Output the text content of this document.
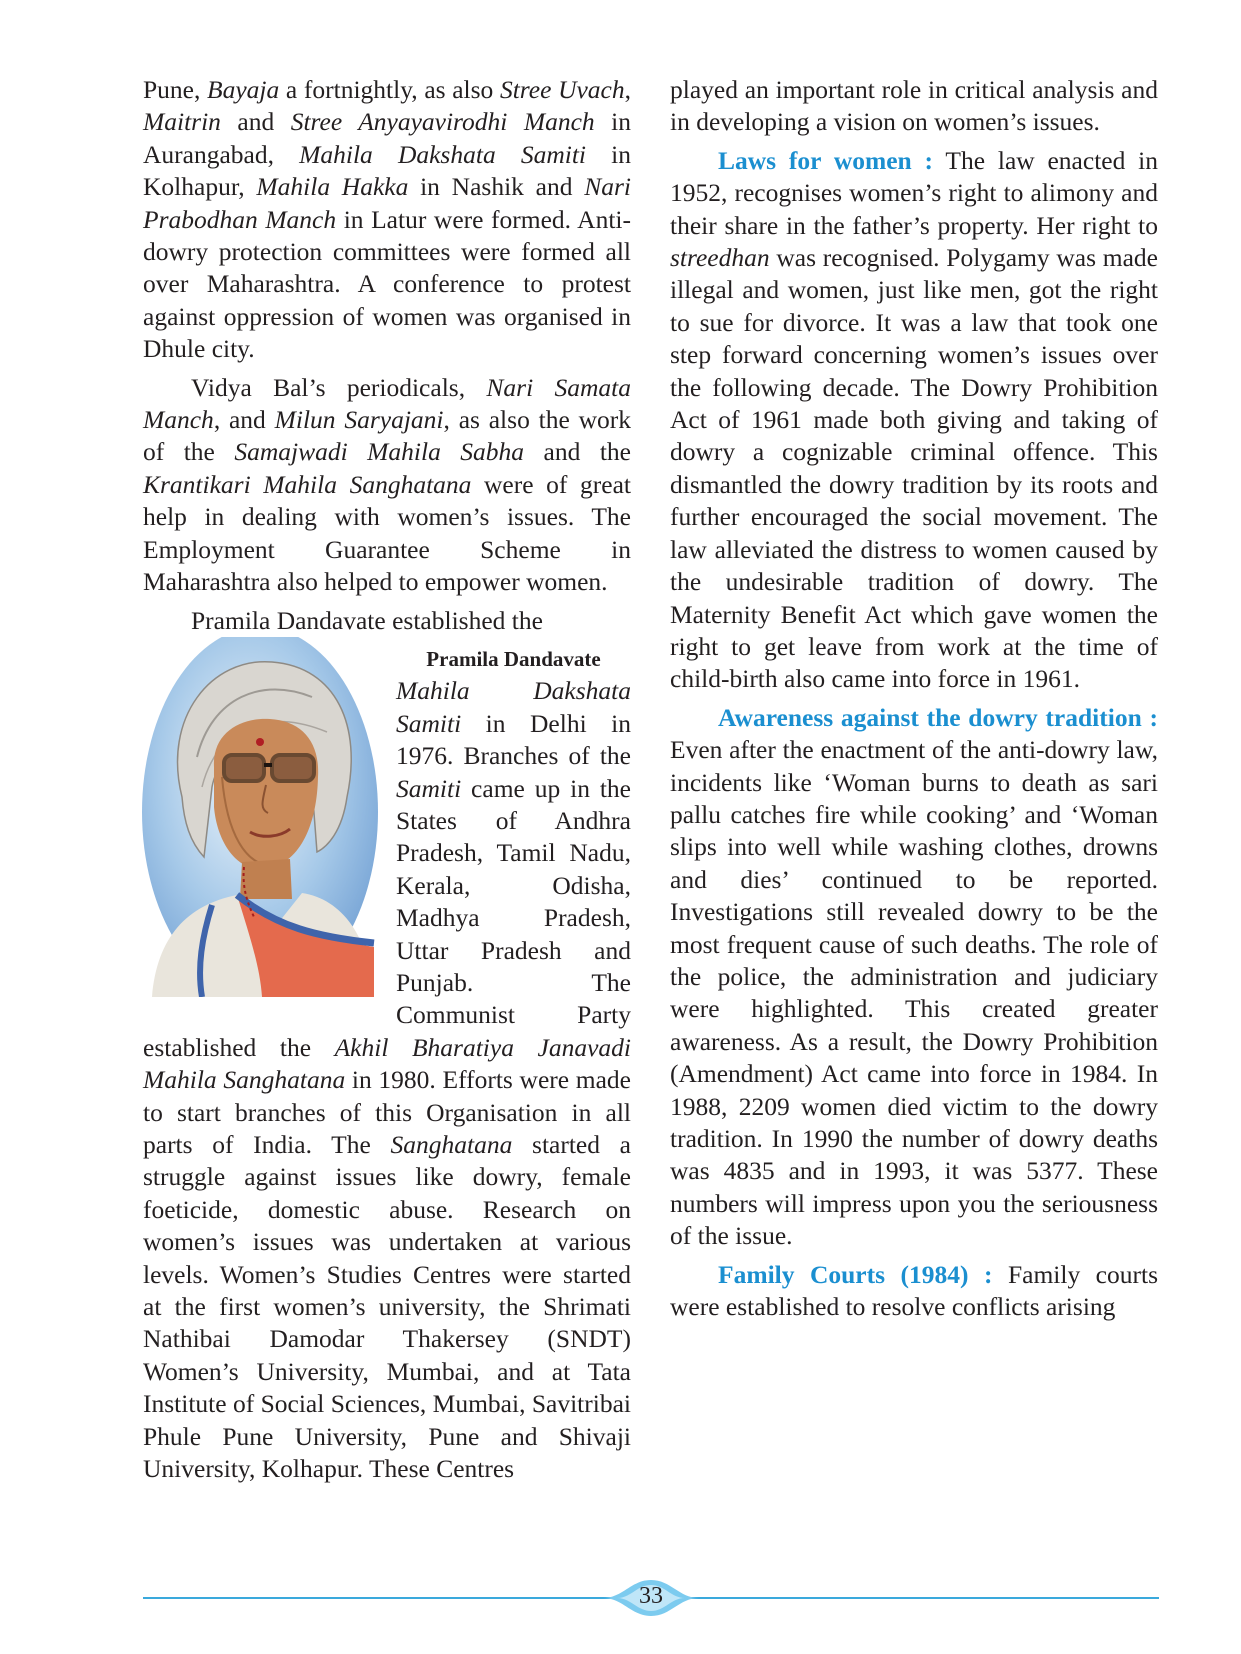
Pune, Bayaja a fortnightly, as also Stree Uvach, Maitrin and Stree Anyayavirodhi Manch in Aurangabad, Mahila Dakshata Samiti in Kolhapur, Mahila Hakka in Nashik and Nari Prabodhan Manch in Latur were formed. Anti-dowry protection committees were formed all over Maharashtra. A conference to protest against oppression of women was organised in Dhule city.

Vidya Bal’s periodicals, Nari Samata Manch, and Milun Saryajani, as also the work of the Samajwadi Mahila Sabha and the Krantikari Mahila Sanghatana were of great help in dealing with women’s issues. The Employment Guarantee Scheme in Maharashtra also helped to empower women.

Pramila Dandavate established the

Pramila Dandavate
Mahila Dakshata Samiti in Delhi in 1976. Branches of the Samiti came up in the States of Andhra Pradesh, Tamil Nadu, Kerala, Odisha, Madhya Pradesh, Uttar Pradesh and Punjab. The Communist Party established the Akhil Bharatiya Janavadi Mahila Sanghatana in 1980. Efforts were made to start branches of this Organisation in all parts of India. The Sanghatana started a struggle against issues like dowry, female foeticide, domestic abuse. Research on women’s issues was undertaken at various levels. Women’s Studies Centres were started at the first women’s university, the Shrimati Nathibai Damodar Thakersey (SNDT) Women’s University, Mumbai, and at Tata Institute of Social Sciences, Mumbai, Savitribai Phule Pune University, Pune and Shivaji University, Kolhapur. These Centres

played an important role in critical analysis and in developing a vision on women’s issues.

Laws for women : The law enacted in 1952, recognises women’s right to alimony and their share in the father’s property. Her right to streedhan was recognised. Polygamy was made illegal and women, just like men, got the right to sue for divorce. It was a law that took one step forward concerning women’s issues over the following decade. The Dowry Prohibition Act of 1961 made both giving and taking of dowry a cognizable criminal offence. This dismantled the dowry tradition by its roots and further encouraged the social movement. The law alleviated the distress to women caused by the undesirable tradition of dowry. The Maternity Benefit Act which gave women the right to get leave from work at the time of child-birth also came into force in 1961.

Awareness against the dowry tradition : Even after the enactment of the anti-dowry law, incidents like ‘Woman burns to death as sari pallu catches fire while cooking’ and ‘Woman slips into well while washing clothes, drowns and dies’ continued to be reported. Investigations still revealed dowry to be the most frequent cause of such deaths. The role of the police, the administration and judiciary were highlighted. This created greater awareness. As a result, the Dowry Prohibition (Amendment) Act came into force in 1984. In 1988, 2209 women died victim to the dowry tradition. In 1990 the number of dowry deaths was 4835 and in 1993, it was 5377. These numbers will impress upon you the seriousness of the issue.

Family Courts (1984) : Family courts were established to resolve conflicts arising

33
